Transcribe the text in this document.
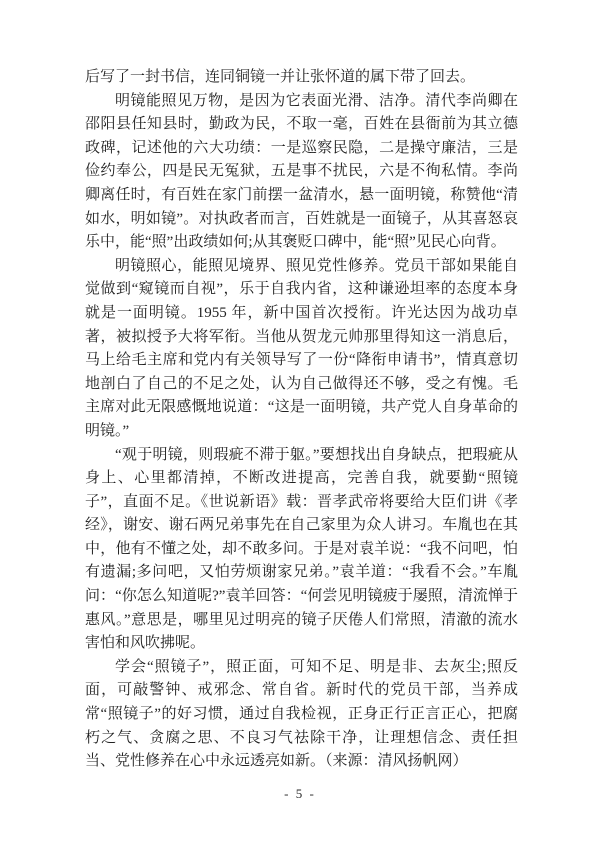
后写了一封书信，连同铜镜一并让张怀道的属下带了回去。

明镜能照见万物，是因为它表面光滑、洁净。清代李尚卿在邵阳县任知县时，勤政为民，不取一毫，百姓在县衙前为其立德政碑，记述他的六大功绩：一是巡察民隐，二是操守廉洁，三是俭约奉公，四是民无冤狱，五是事不扰民，六是不徇私情。李尚卿离任时，有百姓在家门前摆一盆清水，悬一面明镜，称赞他“清如水，明如镜”。对执政者而言，百姓就是一面镜子，从其喜怒哀乐中，能“照”出政绩如何;从其褒贬口碑中，能“照”见民心向背。

明镜照心，能照见境界、照见党性修养。党员干部如果能自觉做到“窥镜而自视”，乐于自我内省，这种谦逊坦率的态度本身就是一面明镜。1955 年，新中国首次授衔。许光达因为战功卓著，被拟授予大将军衔。当他从贺龙元帅那里得知这一消息后，马上给毛主席和党内有关领导写了一份“降衔申请书”，情真意切地剖白了自己的不足之处，认为自己做得还不够，受之有愧。毛主席对此无限感慨地说道：“这是一面明镜，共产党人自身革命的明镜。”

“观于明镜，则瑕疵不滞于躯。”要想找出自身缺点，把瑕疵从身上、心里都清掉，不断改进提高，完善自我，就要勤“照镜子”，直面不足。《世说新语》载：晋孝武帝将要给大臣们讲《孝经》，谢安、谢石两兄弟事先在自己家里为众人讲习。车胤也在其中，他有不懂之处，却不敢多问。于是对袁羊说：“我不问吧，怕有遗漏;多问吧，又怕劳烦谢家兄弟。”袁羊道：“我看不会。”车胤问：“你怎么知道呢?”袁羊回答：“何尝见明镜疲于屡照，清流惮于惠风。”意思是，哪里见过明亮的镜子厌倦人们常照，清澈的流水害怕和风吹拂呢。

学会“照镜子”，照正面，可知不足、明是非、去灰尘;照反面，可敲警钟、戒邪念、常自省。新时代的党员干部，当养成常“照镜子”的好习惯，通过自我检视，正身正行正言正心，把腐朽之气、贪腐之思、不良习气祛除干净，让理想信念、责任担当、党性修养在心中永远透亮如新。（来源：清风扬帆网）

- 5 -
